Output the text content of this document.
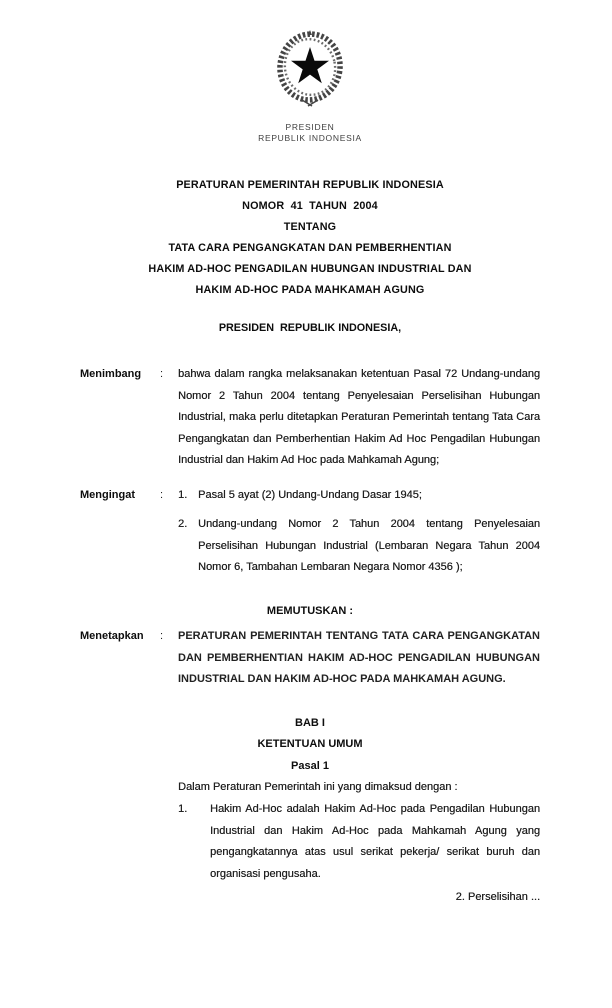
PRESIDEN
REPUBLIK INDONESIA
PERATURAN PEMERINTAH REPUBLIK INDONESIA
NOMOR  41  TAHUN  2004
TENTANG
TATA CARA PENGANGKATAN DAN PEMBERHENTIAN
HAKIM AD-HOC PENGADILAN HUBUNGAN INDUSTRIAL DAN
HAKIM AD-HOC PADA MAHKAMAH AGUNG
PRESIDEN  REPUBLIK INDONESIA,
Menimbang	:	bahwa dalam rangka melaksanakan ketentuan Pasal 72 Undang-undang Nomor 2 Tahun 2004 tentang Penyelesaian Perselisihan Hubungan Industrial, maka perlu ditetapkan Peraturan Pemerintah tentang Tata Cara Pengangkatan dan Pemberhentian Hakim Ad Hoc Pengadilan Hubungan Industrial dan Hakim Ad Hoc pada Mahkamah Agung;
Mengingat	:	1. Pasal 5 ayat (2) Undang-Undang Dasar 1945;
2. Undang-undang Nomor 2 Tahun 2004 tentang Penyelesaian Perselisihan Hubungan Industrial (Lembaran Negara Tahun 2004 Nomor 6, Tambahan Lembaran Negara Nomor 4356 );
MEMUTUSKAN :
Menetapkan	:	PERATURAN PEMERINTAH TENTANG TATA CARA PENGANGKATAN DAN PEMBERHENTIAN HAKIM AD-HOC PENGADILAN HUBUNGAN INDUSTRIAL DAN HAKIM AD-HOC PADA MAHKAMAH AGUNG.
BAB I
KETENTUAN UMUM
Pasal 1
Dalam Peraturan Pemerintah ini yang dimaksud dengan :
1.	Hakim Ad-Hoc adalah Hakim Ad-Hoc pada Pengadilan Hubungan Industrial dan Hakim Ad-Hoc pada Mahkamah Agung yang pengangkatannya atas usul serikat pekerja/ serikat buruh dan organisasi pengusaha.
2. Perselisihan ...
